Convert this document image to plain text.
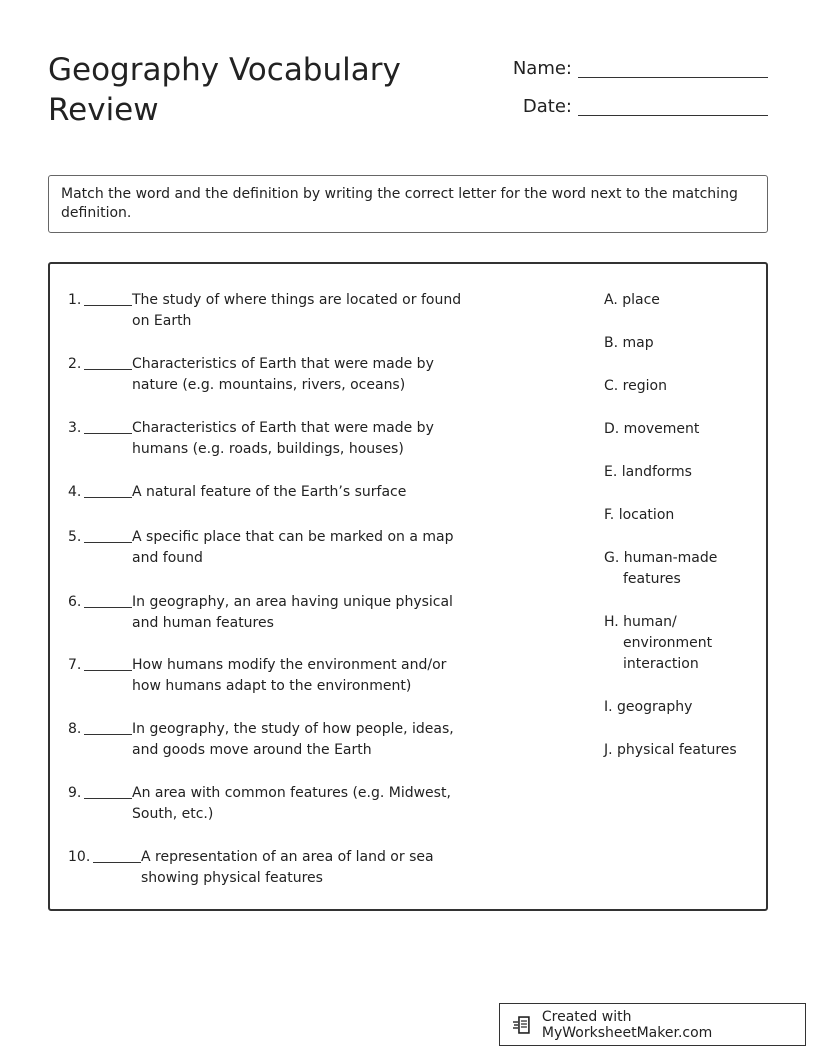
Geography Vocabulary
Review
Name:
Date:
Match the word and the definition by writing the correct letter for the word next to the matching definition.
1.	The study of where things are located or found
on Earth
2.	Characteristics of Earth that were made by
nature (e.g. mountains, rivers, oceans)
3.	Characteristics of Earth that were made by
humans (e.g. roads, buildings, houses)
4.	A natural feature of the Earth’s surface
5.	A specific place that can be marked on a map
and found
6.	In geography, an area having unique physical
and human features
7.	How humans modify the environment and/or
how humans adapt to the environment)
8.	In geography, the study of how people, ideas,
and goods move around the Earth
9.	An area with common features (e.g. Midwest,
South, etc.)
10.	A representation of an area of land or sea
showing physical features
A. place
B. map
C. region
D. movement
E. landforms
F. location
G. human-made
features
H. human/
environment
interaction
I. geography
J. physical features
Created with MyWorksheetMaker.com
